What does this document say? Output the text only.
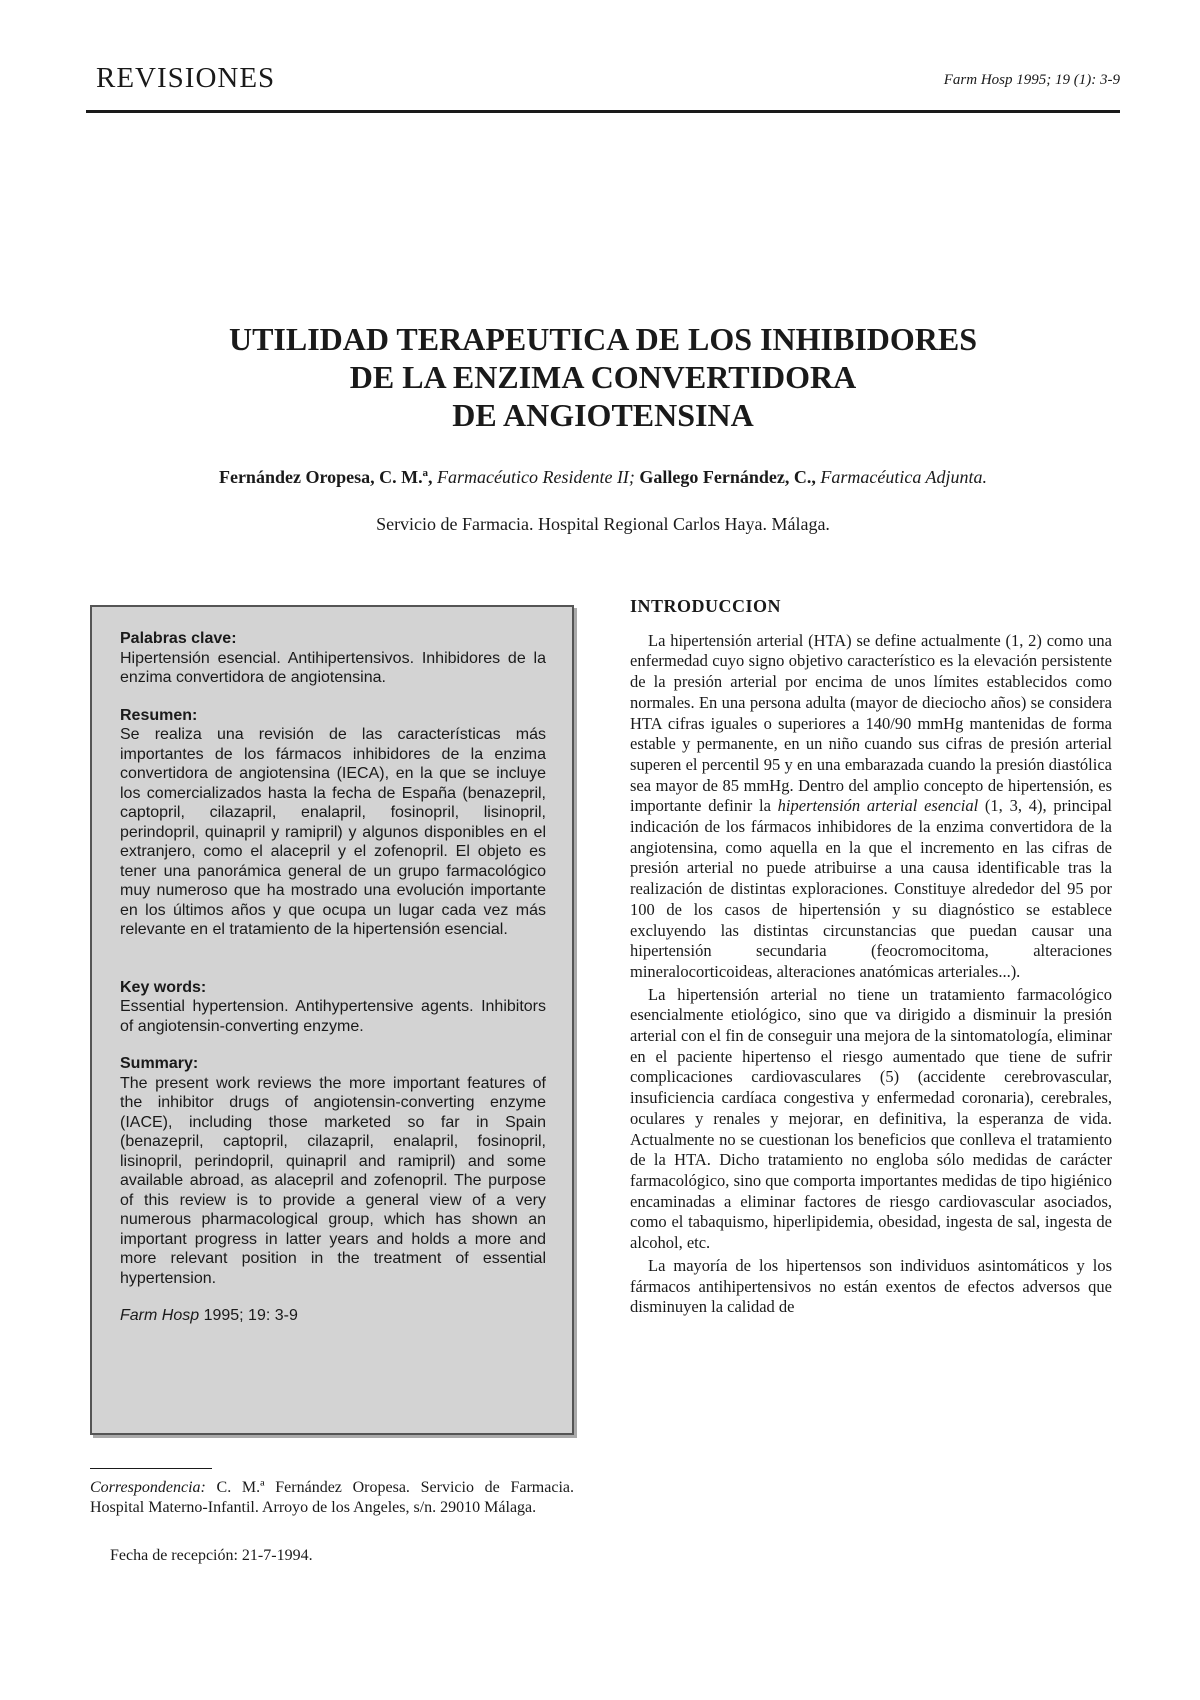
REVISIONES	Farm Hosp 1995; 19 (1): 3-9
UTILIDAD TERAPEUTICA DE LOS INHIBIDORES
DE LA ENZIMA CONVERTIDORA
DE ANGIOTENSINA
Fernández Oropesa, C. M.ª, Farmacéutico Residente II; Gallego Fernández, C., Farmacéutica Adjunta.
Servicio de Farmacia. Hospital Regional Carlos Haya. Málaga.
Palabras clave:

Hipertensión esencial. Antihipertensivos. Inhibidores de la enzima convertidora de angiotensina.

Resumen:

Se realiza una revisión de las características más importantes de los fármacos inhibidores de la enzima convertidora de angiotensina (IECA), en la que se incluye los comercializados hasta la fecha de España (benazepril, captopril, cilazapril, enalapril, fosinopril, lisinopril, perindopril, quinapril y ramipril) y algunos disponibles en el extranjero, como el alacepril y el zofenopril. El objeto es tener una panorámica general de un grupo farmacológico muy numeroso que ha mostrado una evolución importante en los últimos años y que ocupa un lugar cada vez más relevante en el tratamiento de la hipertensión esencial.

Key words:

Essential hypertension. Antihypertensive agents. Inhibitors of angiotensin-converting enzyme.

Summary:

The present work reviews the more important features of the inhibitor drugs of angiotensin-converting enzyme (IACE), including those marketed so far in Spain (benazepril, captopril, cilazapril, enalapril, fosinopril, lisinopril, perindopril, quinapril and ramipril) and some available abroad, as alacepril and zofenopril. The purpose of this review is to provide a general view of a very numerous pharmacological group, which has shown an important progress in latter years and holds a more and more relevant position in the treatment of essential hypertension.

Farm Hosp 1995; 19: 3-9

Correspondencia: C. M.ª Fernández Oropesa. Servicio de Farmacia. Hospital Materno-Infantil. Arroyo de los Angeles, s/n. 29010 Málaga.
Fecha de recepción: 21-7-1994.
INTRODUCCION

La hipertensión arterial (HTA) se define actualmente (1, 2) como una enfermedad cuyo signo objetivo característico es la elevación persistente de la presión arterial por encima de unos límites establecidos como normales. En una persona adulta (mayor de dieciocho años) se considera HTA cifras iguales o superiores a 140/90 mmHg mantenidas de forma estable y permanente, en un niño cuando sus cifras de presión arterial superen el percentil 95 y en una embarazada cuando la presión diastólica sea mayor de 85 mmHg. Dentro del amplio concepto de hipertensión, es importante definir la hipertensión arterial esencial (1, 3, 4), principal indicación de los fármacos inhibidores de la enzima convertidora de la angiotensina, como aquella en la que el incremento en las cifras de presión arterial no puede atribuirse a una causa identificable tras la realización de distintas exploraciones. Constituye alrededor del 95 por 100 de los casos de hipertensión y su diagnóstico se establece excluyendo las distintas circunstancias que puedan causar una hipertensión secundaria (feocromocitoma, alteraciones mineralocorticoideas, alteraciones anatómicas arteriales...).

La hipertensión arterial no tiene un tratamiento farmacológico esencialmente etiológico, sino que va dirigido a disminuir la presión arterial con el fin de conseguir una mejora de la sintomatología, eliminar en el paciente hipertenso el riesgo aumentado que tiene de sufrir complicaciones cardiovasculares (5) (accidente cerebrovascular, insuficiencia cardíaca congestiva y enfermedad coronaria), cerebrales, oculares y renales y mejorar, en definitiva, la esperanza de vida. Actualmente no se cuestionan los beneficios que conlleva el tratamiento de la HTA. Dicho tratamiento no engloba sólo medidas de carácter farmacológico, sino que comporta importantes medidas de tipo higiénico encaminadas a eliminar factores de riesgo cardiovascular asociados, como el tabaquismo, hiperlipidemia, obesidad, ingesta de sal, ingesta de alcohol, etc.

La mayoría de los hipertensos son individuos asintomáticos y los fármacos antihipertensivos no están exentos de efectos adversos que disminuyen la calidad de
